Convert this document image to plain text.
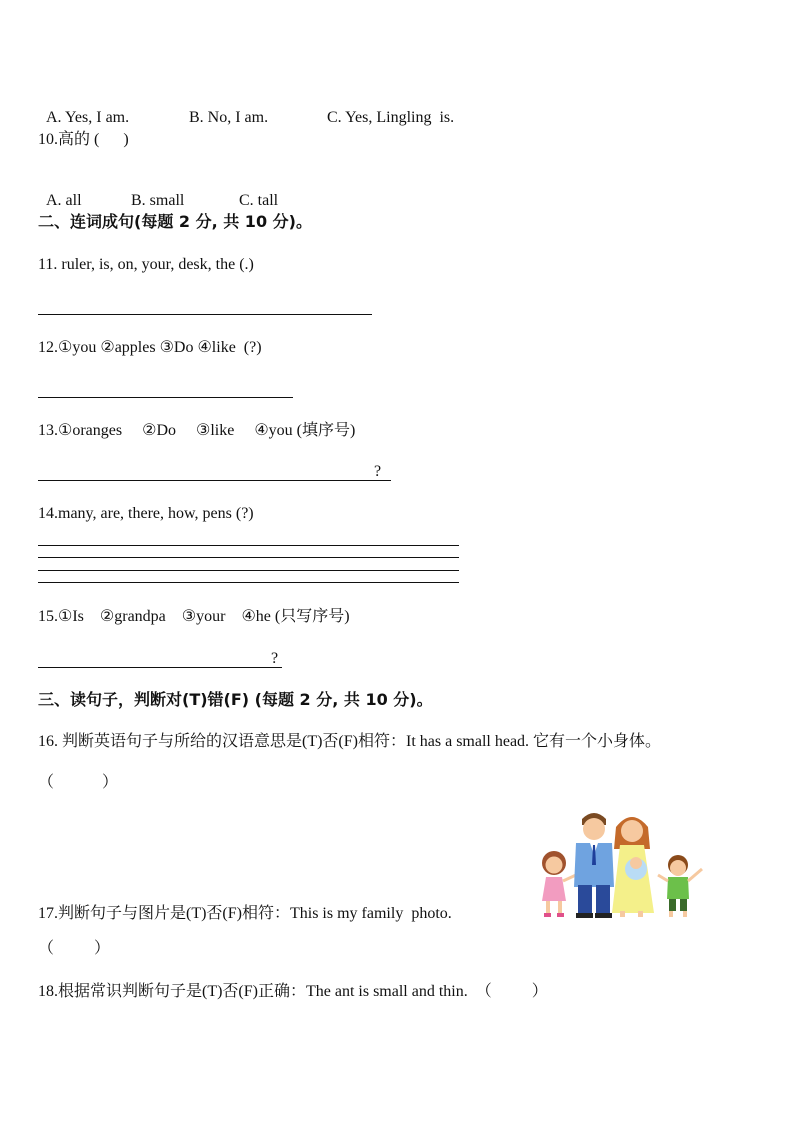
A. Yes, I am.	B. No, I am.	C. Yes, Lingling  is.

10.高的 (      )

A. all	B. small	C. tall

二、连词成句(每题 2 分, 共 10 分)。
11. ruler, is, on, your, desk, the (.)
12.①you ②apples ③Do ④like  (?)
13.①oranges     ②Do     ③like     ④you (填序号)
?
14.many, are, there, how, pens (?)
15.①Is    ②grandpa    ③your    ④he (只写序号)
?
三、读句子，判断对(T)错(F) (每题 2 分, 共 10 分)。
16. 判断英语句子与所给的汉语意思是(T)否(F)相符：It has a small head. 它有一个小身体。
（            ）
17.判断句子与图片是(T)否(F)相符：This is my family  photo.
（          ）
18.根据常识判断句子是(T)否(F)正确：The ant is small and thin.  （          ）
